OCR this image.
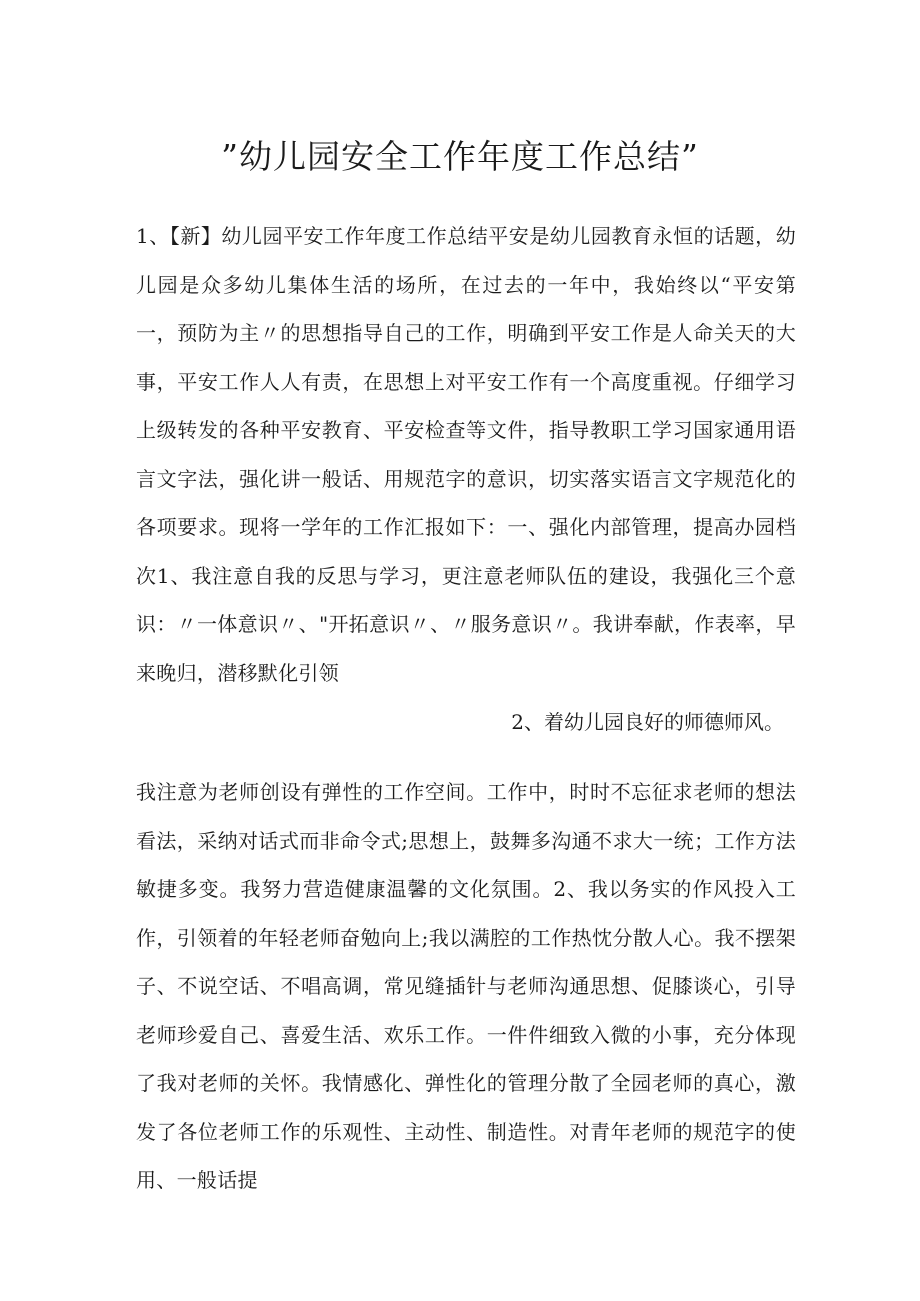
”幼儿园安全工作年度工作总结”

1、【新】幼儿园平安工作年度工作总结平安是幼儿园教育永恒的话题，幼儿园是众多幼儿集体生活的场所，在过去的一年中，我始终以“平安第一，预防为主〃的思想指导自己的工作，明确到平安工作是人命关天的大事，平安工作人人有责，在思想上对平安工作有一个高度重视。仔细学习上级转发的各种平安教育、平安检查等文件，指导教职工学习国家通用语言文字法，强化讲一般话、用规范字的意识，切实落实语言文字规范化的各项要求。现将一学年的工作汇报如下：一、强化内部管理，提高办园档次1、我注意自我的反思与学习，更注意老师队伍的建设，我强化三个意识：〃一体意识〃、"开拓意识〃、〃服务意识〃。我讲奉献，作表率，早来晚归，潜移默化引领

2、着幼儿园良好的师德师风。

我注意为老师创设有弹性的工作空间。工作中，时时不忘征求老师的想法看法，采纳对话式而非命令式;思想上，鼓舞多沟通不求大一统；工作方法敏捷多变。我努力营造健康温馨的文化氛围。2、我以务实的作风投入工作，引领着的年轻老师奋勉向上;我以满腔的工作热忱分散人心。我不摆架子、不说空话、不唱高调，常见缝插针与老师沟通思想、促膝谈心，引导老师珍爱自己、喜爱生活、欢乐工作。一件件细致入微的小事，充分体现了我对老师的关怀。我情感化、弹性化的管理分散了全园老师的真心，激发了各位老师工作的乐观性、主动性、制造性。对青年老师的规范字的使用、一般话提
